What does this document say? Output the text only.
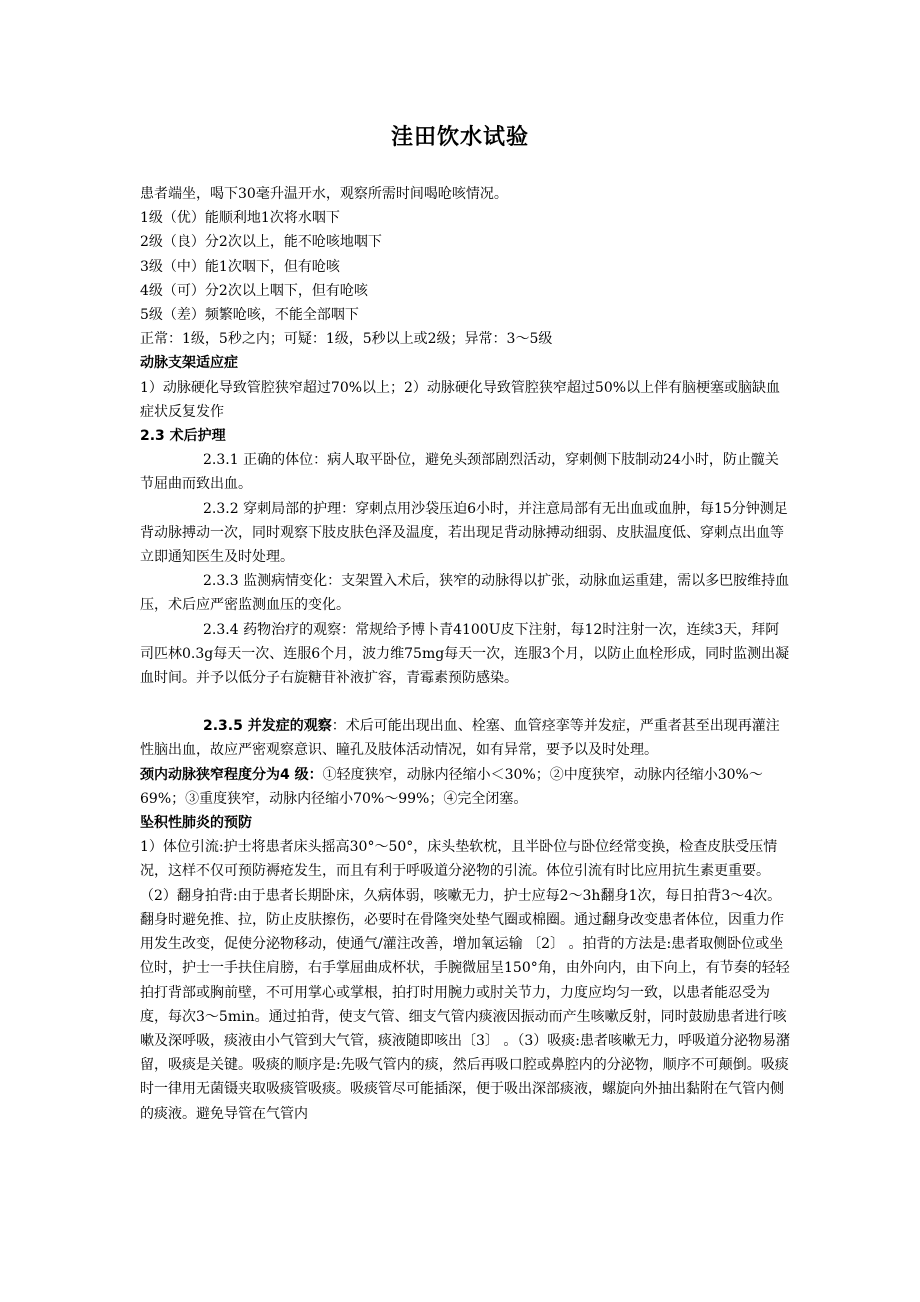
洼田饮水试验

患者端坐，喝下30毫升温开水，观察所需时间喝呛咳情况。

1级（优）能顺利地1次将水咽下

2级（良）分2次以上，能不呛咳地咽下

3级（中）能1次咽下，但有呛咳

4级（可）分2次以上咽下，但有呛咳

5级（差）频繁呛咳，不能全部咽下

正常：1级，5秒之内；可疑：1级，5秒以上或2级；异常：3～5级

动脉支架适应症

1）动脉硬化导致管腔狭窄超过70%以上；2）动脉硬化导致管腔狭窄超过50%以上伴有脑梗塞或脑缺血症状反复发作

2.3 术后护理

2.3.1 正确的体位：病人取平卧位，避免头颈部剧烈活动，穿刺侧下肢制动24小时，防止髋关节屈曲而致出血。

2.3.2 穿刺局部的护理：穿刺点用沙袋压迫6小时，并注意局部有无出血或血肿，每15分钟测足背动脉搏动一次，同时观察下肢皮肤色泽及温度，若出现足背动脉搏动细弱、皮肤温度低、穿刺点出血等立即通知医生及时处理。

2.3.3 监测病情变化：支架置入术后，狭窄的动脉得以扩张，动脉血运重建，需以多巴胺维持血压，术后应严密监测血压的变化。

2.3.4 药物治疗的观察：常规给予博卜青4100U皮下注射，每12时注射一次，连续3天，拜阿司匹林0.3g每天一次、连服6个月，波力维75mg每天一次，连服3个月，以防止血栓形成，同时监测出凝血时间。并予以低分子右旋糖苷补液扩容，青霉素预防感染。

2.3.5 并发症的观察：术后可能出现出血、栓塞、血管痉挛等并发症，严重者甚至出现再灌注性脑出血，故应严密观察意识、瞳孔及肢体活动情况，如有异常，要予以及时处理。

颈内动脉狭窄程度分为4 级：①轻度狭窄，动脉内径缩小＜30%；②中度狭窄，动脉内径缩小30%～69%；③重度狭窄，动脉内径缩小70%～99%；④完全闭塞。

坠积性肺炎的预防

1）体位引流:护士将患者床头摇高30°～50°，床头垫软枕，且半卧位与卧位经常变换，检查皮肤受压情况，这样不仅可预防褥疮发生，而且有利于呼吸道分泌物的引流。体位引流有时比应用抗生素更重要。（2）翻身拍背:由于患者长期卧床，久病体弱，咳嗽无力，护士应每2～3h翻身1次，每日拍背3～4次。翻身时避免推、拉，防止皮肤擦伤，必要时在骨隆突处垫气圈或棉圈。通过翻身改变患者体位，因重力作用发生改变，促使分泌物移动，使通气/灌注改善，增加氧运输 〔2〕 。拍背的方法是:患者取侧卧位或坐位时，护士一手扶住肩膀，右手掌屈曲成杯状，手腕微屈呈150°角，由外向内，由下向上，有节奏的轻轻拍打背部或胸前壁，不可用掌心或掌根，拍打时用腕力或肘关节力，力度应均匀一致，以患者能忍受为度，每次3～5min。通过拍背，使支气管、细支气管内痰液因振动而产生咳嗽反射，同时鼓励患者进行咳嗽及深呼吸，痰液由小气管到大气管，痰液随即咳出〔3〕 。（3）吸痰:患者咳嗽无力，呼吸道分泌物易潴留，吸痰是关键。吸痰的顺序是:先吸气管内的痰，然后再吸口腔或鼻腔内的分泌物，顺序不可颠倒。吸痰时一律用无菌镊夹取吸痰管吸痰。吸痰管尽可能插深，便于吸出深部痰液，螺旋向外抽出黏附在气管内侧的痰液。避免导管在气管内
